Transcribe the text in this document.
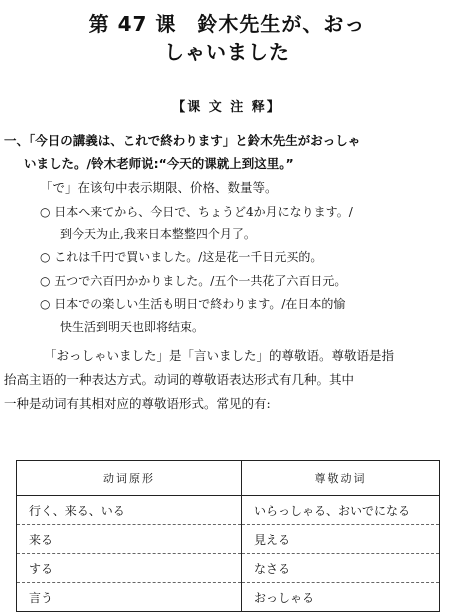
第 47 课　鈴木先生が、おっ
しゃいました
【课 文 注 释】
一、「今日の講義は、これで終わります」と鈴木先生がおっしゃ
いました。/铃木老师说:“今天的课就上到这里。”
「で」在该句中表示期限、价格、数量等。
○ 日本へ来てから、今日で、ちょうど4か月になります。/
到今天为止,我来日本整整四个月了。
○ これは千円で買いました。/这是花一千日元买的。
○ 五つで六百円かかりました。/五个一共花了六百日元。
○ 日本での楽しい生活も明日で終わります。/在日本的愉
快生活到明天也即将结束。
「おっしゃいました」是「言いました」的尊敬语。尊敬语是指
抬高主语的一种表达方式。动词的尊敬语表达形式有几种。其中
一种是动词有其相对应的尊敬语形式。常见的有:
动词原形	尊敬动词
行く、来る、いる	いらっしゃる、おいでになる
来る	見える
する	なさる
言う	おっしゃる
